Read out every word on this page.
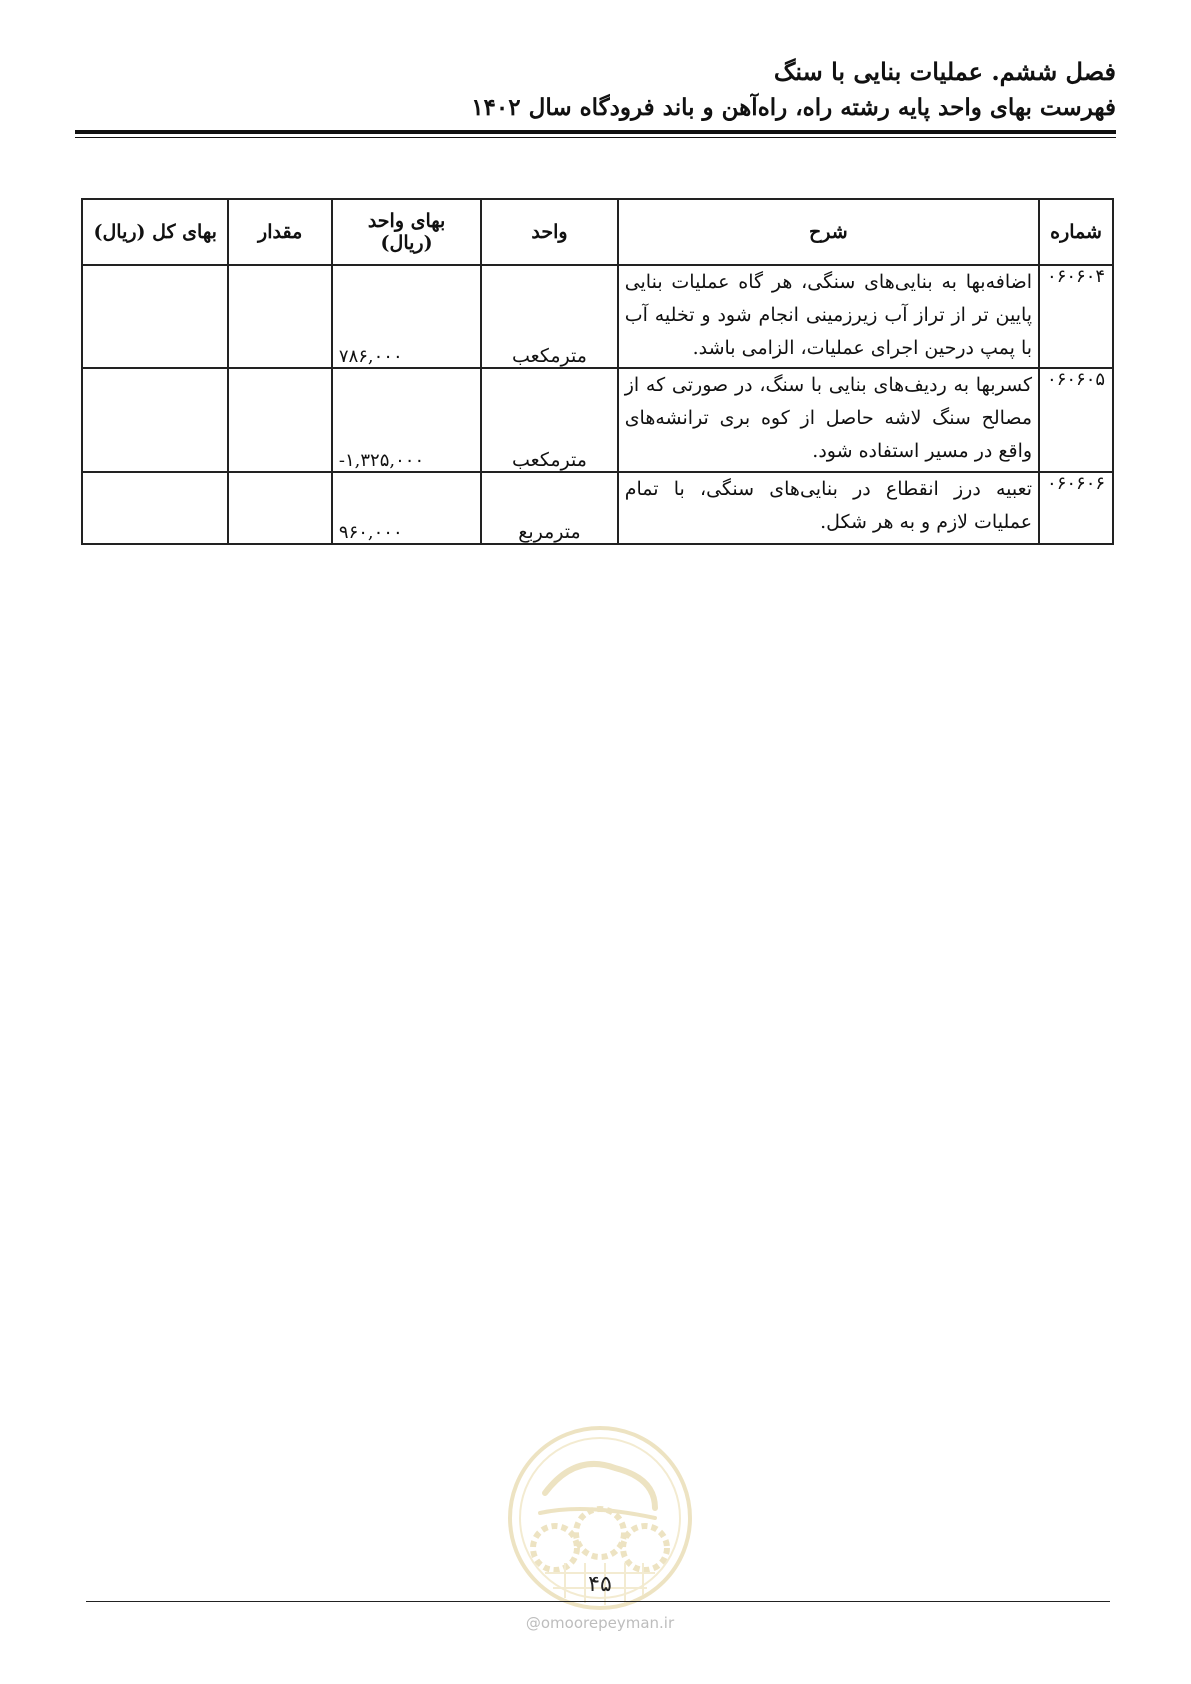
فصل ششم. عملیات بنایی با سنگ
فهرست بهای واحد پایه رشته راه، راه‌آهن و باند فرودگاه سال ۱۴۰۲
شماره	شرح	واحد	بهای واحد (ریال)	مقدار	بهای کل (ریال)
۰۶۰۶۰۴	اضافه‌بها به بنایی‌های سنگی، هر گاه عملیات بنایی پایین تر از تراز آب زیرزمینی انجام شود و تخلیه آب با پمپ درحین اجرای عملیات، الزامی باشد.	مترمکعب	۷۸۶,۰۰۰		
۰۶۰۶۰۵	کسربها به ردیف‌های بنایی با سنگ، در صورتی که از مصالح سنگ لاشه حاصل از کوه بری ترانشه‌های واقع در مسیر استفاده شود.	مترمکعب	-۱,۳۲۵,۰۰۰		
۰۶۰۶۰۶	تعبیه درز انقطاع در بنایی‌های سنگی، با تمام عملیات لازم و به هر شکل.	مترمربع	۹۶۰,۰۰۰		
۴۵
@omoorepeyman.ir
